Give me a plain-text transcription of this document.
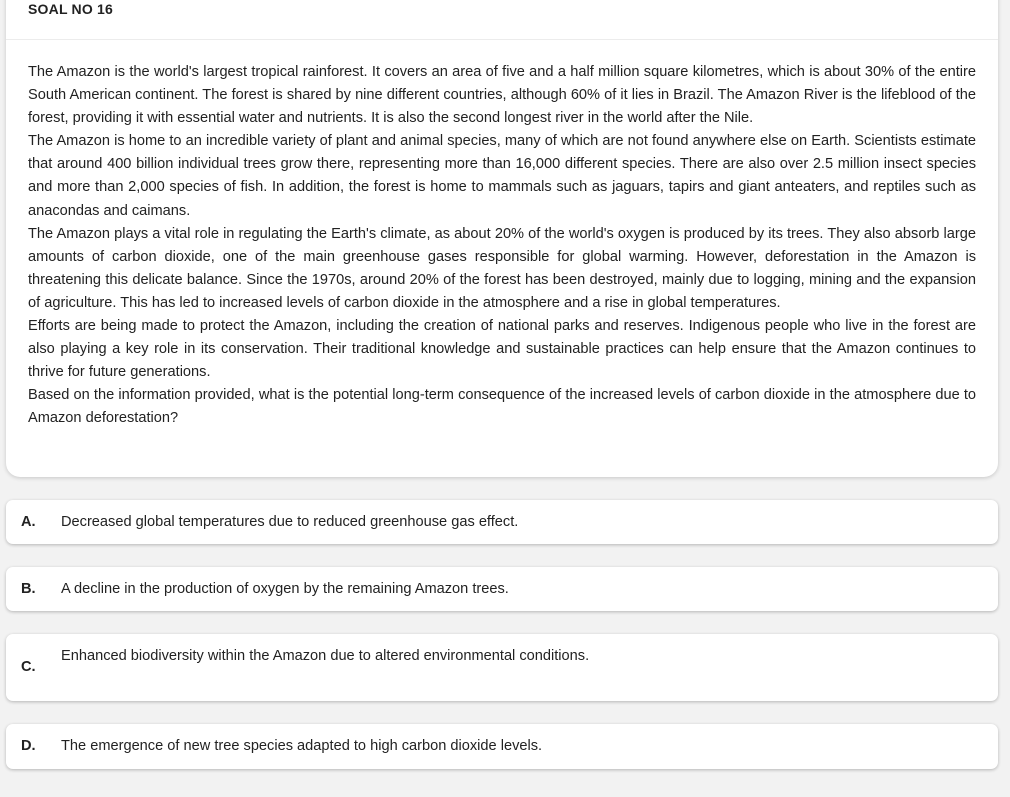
SOAL NO 16

The Amazon is the world's largest tropical rainforest. It covers an area of five and a half million square kilometres, which is about 30% of the entire South American continent. The forest is shared by nine different countries, although 60% of it lies in Brazil. The Amazon River is the lifeblood of the forest, providing it with essential water and nutrients. It is also the second longest river in the world after the Nile.

The Amazon is home to an incredible variety of plant and animal species, many of which are not found anywhere else on Earth. Scientists estimate that around 400 billion individual trees grow there, representing more than 16,000 different species. There are also over 2.5 million insect species and more than 2,000 species of fish. In addition, the forest is home to mammals such as jaguars, tapirs and giant anteaters, and reptiles such as anacondas and caimans.

The Amazon plays a vital role in regulating the Earth's climate, as about 20% of the world's oxygen is produced by its trees. They also absorb large amounts of carbon dioxide, one of the main greenhouse gases responsible for global warming. However, deforestation in the Amazon is threatening this delicate balance. Since the 1970s, around 20% of the forest has been destroyed, mainly due to logging, mining and the expansion of agriculture. This has led to increased levels of carbon dioxide in the atmosphere and a rise in global temperatures.

Efforts are being made to protect the Amazon, including the creation of national parks and reserves. Indigenous people who live in the forest are also playing a key role in its conservation. Their traditional knowledge and sustainable practices can help ensure that the Amazon continues to thrive for future generations.

Based on the information provided, what is the potential long-term consequence of the increased levels of carbon dioxide in the atmosphere due to Amazon deforestation?

A. Decreased global temperatures due to reduced greenhouse gas effect.
B. A decline in the production of oxygen by the remaining Amazon trees.
C.
Enhanced biodiversity within the Amazon due to altered environmental conditions.
D. The emergence of new tree species adapted to high carbon dioxide levels.
